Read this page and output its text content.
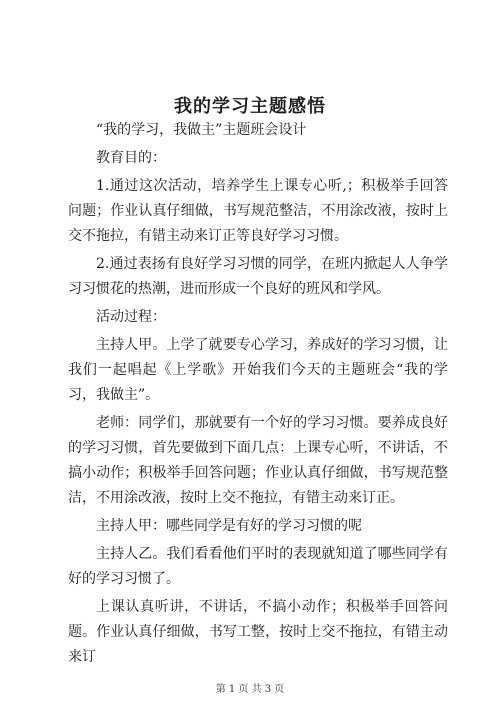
我的学习主题感悟

“我的学习，我做主”主题班会设计

教育目的：

1.通过这次活动，培养学生上课专心听,；积极举手回答问题；作业认真仔细做，书写规范整洁，不用涂改液，按时上交不拖拉，有错主动来订正等良好学习习惯。

2.通过表扬有良好学习习惯的同学，在班内掀起人人争学习习惯花的热潮，进而形成一个良好的班风和学风。

活动过程：

主持人甲。上学了就要专心学习，养成好的学习习惯，让我们一起唱起《上学歌》开始我们今天的主题班会“我的学习，我做主”。

老师：同学们，那就要有一个好的学习习惯。要养成良好的学习习惯，首先要做到下面几点：上课专心听，不讲话，不搞小动作；积极举手回答问题；作业认真仔细做，书写规范整洁，不用涂改液，按时上交不拖拉，有错主动来订正。

主持人甲：哪些同学是有好的学习习惯的呢

主持人乙。我们看看他们平时的表现就知道了哪些同学有好的学习习惯了。

上课认真听讲，不讲话，不搞小动作；积极举手回答问题。作业认真仔细做，书写工整，按时上交不拖拉，有错主动来订

第 1 页 共 3 页
